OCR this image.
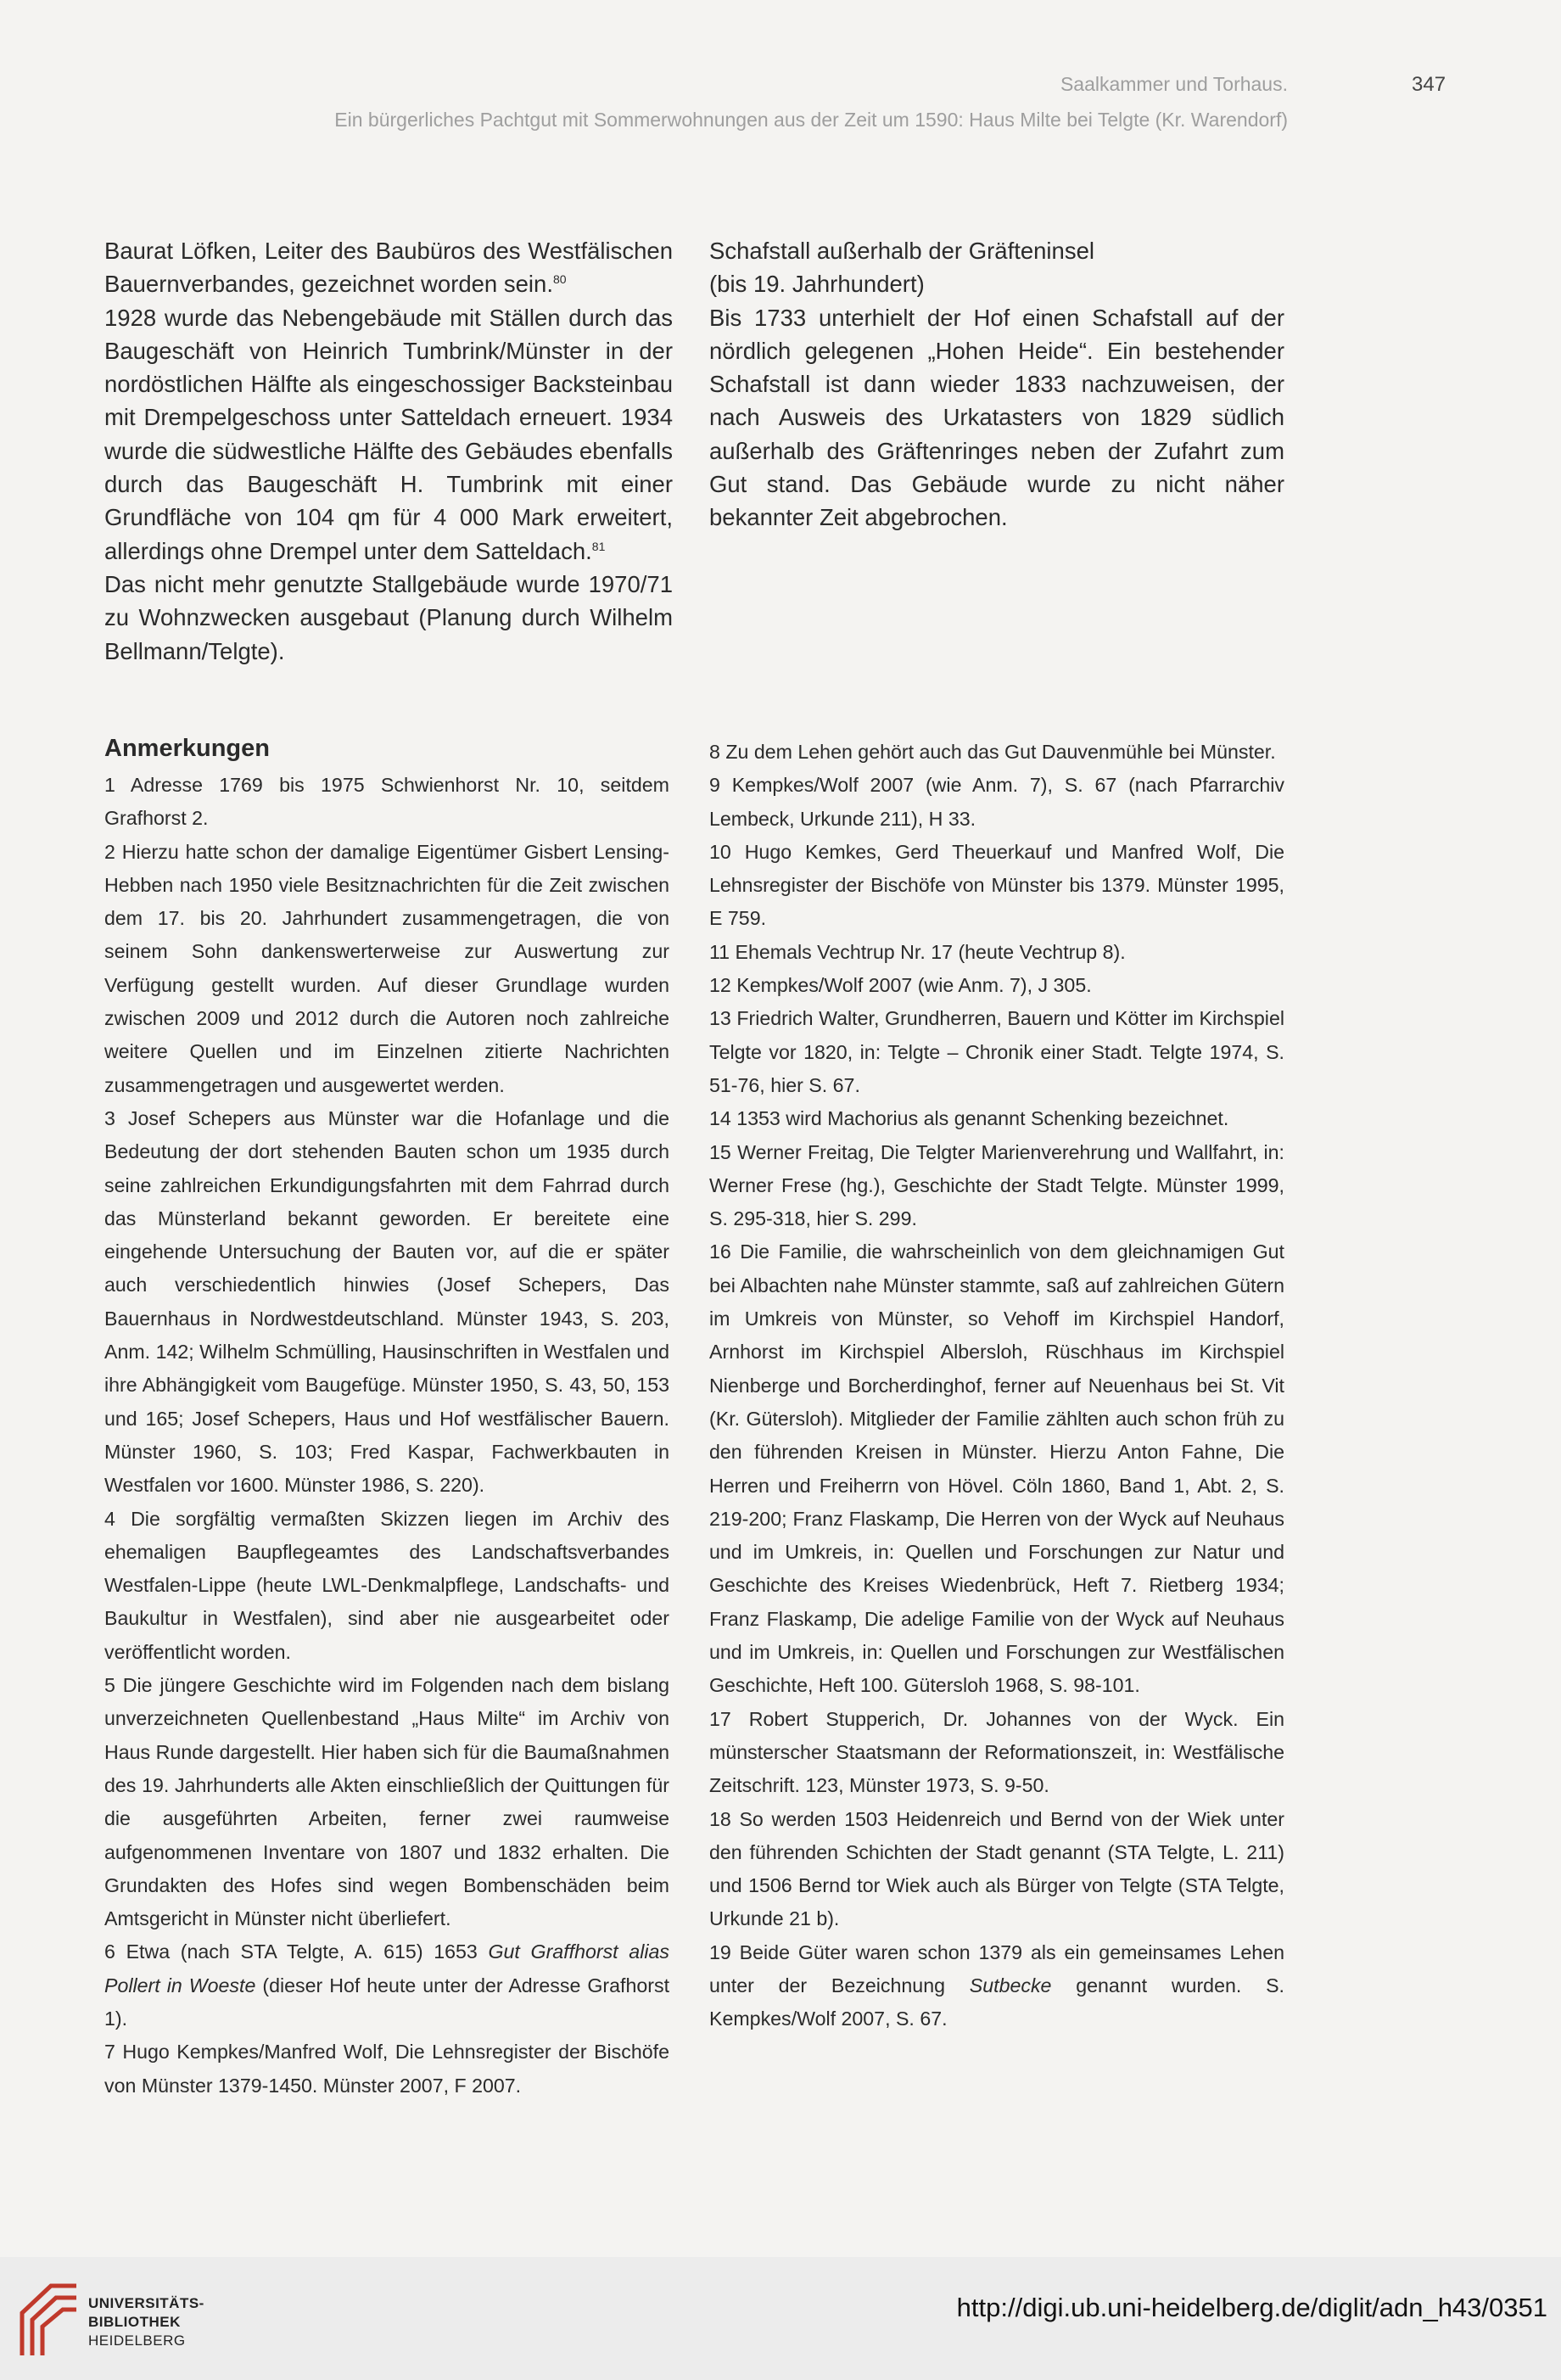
Saalkammer und Torhaus.
Ein bürgerliches Pachtgut mit Sommerwohnungen aus der Zeit um 1590: Haus Milte bei Telgte (Kr. Warendorf)
347

Baurat Löfken, Leiter des Baubüros des Westfälischen Bauernverbandes, gezeichnet worden sein.$^{80}$

1928 wurde das Nebengebäude mit Ställen durch das Baugeschäft von Heinrich Tumbrink/Münster in der nordöstlichen Hälfte als eingeschossiger Backsteinbau mit Drempelgeschoss unter Satteldach erneuert. 1934 wurde die südwestliche Hälfte des Gebäudes ebenfalls durch das Baugeschäft H. Tumbrink mit einer Grundfläche von 104 qm für 4 000 Mark erweitert, allerdings ohne Drempel unter dem Satteldach.$^{81}$

Das nicht mehr genutzte Stallgebäude wurde 1970/71 zu Wohnzwecken ausgebaut (Planung durch Wilhelm Bellmann/Telgte).

Schafstall außerhalb der Gräfteninsel
(bis 19. Jahrhundert)

Bis 1733 unterhielt der Hof einen Schafstall auf der nördlich gelegenen „Hohen Heide“. Ein bestehender Schafstall ist dann wieder 1833 nachzuweisen, der nach Ausweis des Urkatasters von 1829 südlich außerhalb des Gräftenringes neben der Zufahrt zum Gut stand. Das Gebäude wurde zu nicht näher bekannter Zeit abgebrochen.

Anmerkungen

1 Adresse 1769 bis 1975 Schwienhorst Nr. 10, seitdem Grafhorst 2.

2 Hierzu hatte schon der damalige Eigentümer Gisbert Lensing-Hebben nach 1950 viele Besitznachrichten für die Zeit zwischen dem 17. bis 20. Jahrhundert zusammengetragen, die von seinem Sohn dankenswerterweise zur Auswertung zur Verfügung gestellt wurden. Auf dieser Grundlage wurden zwischen 2009 und 2012 durch die Autoren noch zahlreiche weitere Quellen und im Einzelnen zitierte Nachrichten zusammengetragen und ausgewertet werden.

3 Josef Schepers aus Münster war die Hofanlage und die Bedeutung der dort stehenden Bauten schon um 1935 durch seine zahlreichen Erkundigungsfahrten mit dem Fahrrad durch das Münsterland bekannt geworden. Er bereitete eine eingehende Untersuchung der Bauten vor, auf die er später auch verschiedentlich hinwies (Josef Schepers, Das Bauernhaus in Nordwestdeutschland. Münster 1943, S. 203, Anm. 142; Wilhelm Schmülling, Hausinschriften in Westfalen und ihre Abhängigkeit vom Baugefüge. Münster 1950, S. 43, 50, 153 und 165; Josef Schepers, Haus und Hof westfälischer Bauern. Münster 1960, S. 103; Fred Kaspar, Fachwerkbauten in Westfalen vor 1600. Münster 1986, S. 220).

4 Die sorgfältig vermaßten Skizzen liegen im Archiv des ehemaligen Baupflegeamtes des Landschaftsverbandes Westfalen-Lippe (heute LWL-Denkmalpflege, Landschafts- und Baukultur in Westfalen), sind aber nie ausgearbeitet oder veröffentlicht worden.

5 Die jüngere Geschichte wird im Folgenden nach dem bislang unverzeichneten Quellenbestand „Haus Milte“ im Archiv von Haus Runde dargestellt. Hier haben sich für die Baumaßnahmen des 19. Jahrhunderts alle Akten einschließlich der Quittungen für die ausgeführten Arbeiten, ferner zwei raumweise aufgenommenen Inventare von 1807 und 1832 erhalten. Die Grundakten des Hofes sind wegen Bombenschäden beim Amtsgericht in Münster nicht überliefert.

6 Etwa (nach STA Telgte, A. 615) 1653 Gut Graffhorst alias Pollert in Woeste (dieser Hof heute unter der Adresse Grafhorst 1).

7 Hugo Kempkes/Manfred Wolf, Die Lehnsregister der Bischöfe von Münster 1379-1450. Münster 2007, F 2007.

8 Zu dem Lehen gehört auch das Gut Dauvenmühle bei Münster.

9 Kempkes/Wolf 2007 (wie Anm. 7), S. 67 (nach Pfarrarchiv Lembeck, Urkunde 211), H 33.

10 Hugo Kemkes, Gerd Theuerkauf und Manfred Wolf, Die Lehnsregister der Bischöfe von Münster bis 1379. Münster 1995, E 759.

11 Ehemals Vechtrup Nr. 17 (heute Vechtrup 8).

12 Kempkes/Wolf 2007 (wie Anm. 7), J 305.

13 Friedrich Walter, Grundherren, Bauern und Kötter im Kirchspiel Telgte vor 1820, in: Telgte – Chronik einer Stadt. Telgte 1974, S. 51-76, hier S. 67.

14 1353 wird Machorius als genannt Schenking bezeichnet.

15 Werner Freitag, Die Telgter Marienverehrung und Wallfahrt, in: Werner Frese (hg.), Geschichte der Stadt Telgte. Münster 1999, S. 295-318, hier S. 299.

16 Die Familie, die wahrscheinlich von dem gleichnamigen Gut bei Albachten nahe Münster stammte, saß auf zahlreichen Gütern im Umkreis von Münster, so Vehoff im Kirchspiel Handorf, Arnhorst im Kirchspiel Albersloh, Rüschhaus im Kirchspiel Nienberge und Borcherdinghof, ferner auf Neuenhaus bei St. Vit (Kr. Gütersloh). Mitglieder der Familie zählten auch schon früh zu den führenden Kreisen in Münster. Hierzu Anton Fahne, Die Herren und Freiherrn von Hövel. Cöln 1860, Band 1, Abt. 2, S. 219-200; Franz Flaskamp, Die Herren von der Wyck auf Neuhaus und im Umkreis, in: Quellen und Forschungen zur Natur und Geschichte des Kreises Wiedenbrück, Heft 7. Rietberg 1934; Franz Flaskamp, Die adelige Familie von der Wyck auf Neuhaus und im Umkreis, in: Quellen und Forschungen zur Westfälischen Geschichte, Heft 100. Gütersloh 1968, S. 98-101.

17 Robert Stupperich, Dr. Johannes von der Wyck. Ein münsterscher Staatsmann der Reformationszeit, in: Westfälische Zeitschrift. 123, Münster 1973, S. 9-50.

18 So werden 1503 Heidenreich und Bernd von der Wiek unter den führenden Schichten der Stadt genannt (STA Telgte, L. 211) und 1506 Bernd tor Wiek auch als Bürger von Telgte (STA Telgte, Urkunde 21 b).

19 Beide Güter waren schon 1379 als ein gemeinsames Lehen unter der Bezeichnung Sutbecke genannt wurden. S. Kempkes/Wolf 2007, S. 67.

UNIVERSITÄTS-
BIBLIOTHEK
HEIDELBERG
http://digi.ub.uni-heidelberg.de/diglit/adn_h43/0351
